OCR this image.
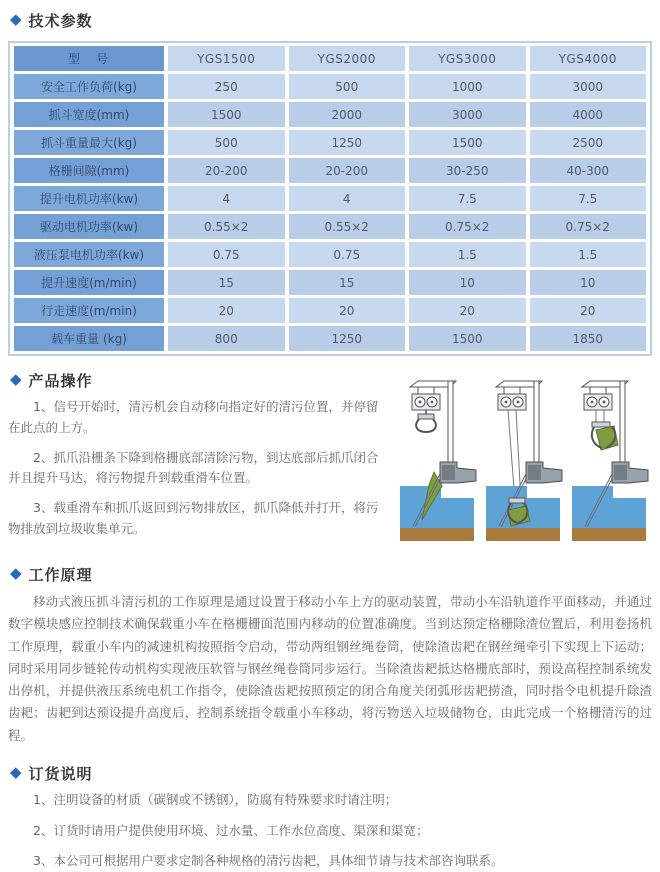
◆ 技术参数
型　号	YGS1500	YGS2000	YGS3000	YGS4000
安全工作负荷(kg)	250	500	1000	3000
抓斗宽度(mm)	1500	2000	3000	4000
抓斗重量最大(kg)	500	1250	1500	2500
格栅间隙(mm)	20-200	20-200	30-250	40-300
提升电机功率(kw)	4	4	7.5	7.5
驱动电机功率(kw)	0.55×2	0.55×2	0.75×2	0.75×2
液压泵电机功率(kw)	0.75	0.75	1.5	1.5
提升速度(m/min)	15	15	10	10
行走速度(m/min)	20	20	20	20
载车重量 (kg)	800	1250	1500	1850
◆ 产品操作

1、信号开始时，清污机会自动移向指定好的清污位置，并停留在此点的上方。

2、抓爪沿栅条下降到格栅底部清除污物，到达底部后抓爪闭合并且提升马达，将污物提升到载重滑车位置。

3、载重滑车和抓爪返回到污物排放区，抓爪降低并打开，将污物排放到垃圾收集单元。

◆ 工作原理

移动式液压抓斗清污机的工作原理是通过设置于移动小车上方的驱动装置，带动小车沿轨道作平面移动，并通过数字模块感应控制技术确保载重小车在格栅栅面范围内移动的位置准确度。当到达预定格栅除渣位置后，利用卷扬机工作原理，载重小车内的减速机构按照指令启动，带动两组钢丝绳卷筒，使除渣齿耙在钢丝绳牵引下实现上下运动；同时采用同步链轮传动机构实现液压软管与钢丝绳卷筒同步运行。当除渣齿耙抵达格栅底部时，预设高程控制系统发出停机，并提供液压系统电机工作指令，使除渣齿耙按照预定的闭合角度关闭弧形齿耙捞渣，同时指令电机提升除渣齿耙；齿耙到达预设提升高度后，控制系统指令载重小车移动，将污物送入垃圾储物仓，由此完成一个格栅清污的过程。

◆ 订货说明

1、注明设备的材质（碳钢或不锈钢），防腐有特殊要求时请注明；

2、订货时请用户提供使用环境、过水量、工作水位高度、渠深和渠宽；

3、本公司可根据用户要求定制各种规格的清污齿耙，具体细节请与技术部咨询联系。
